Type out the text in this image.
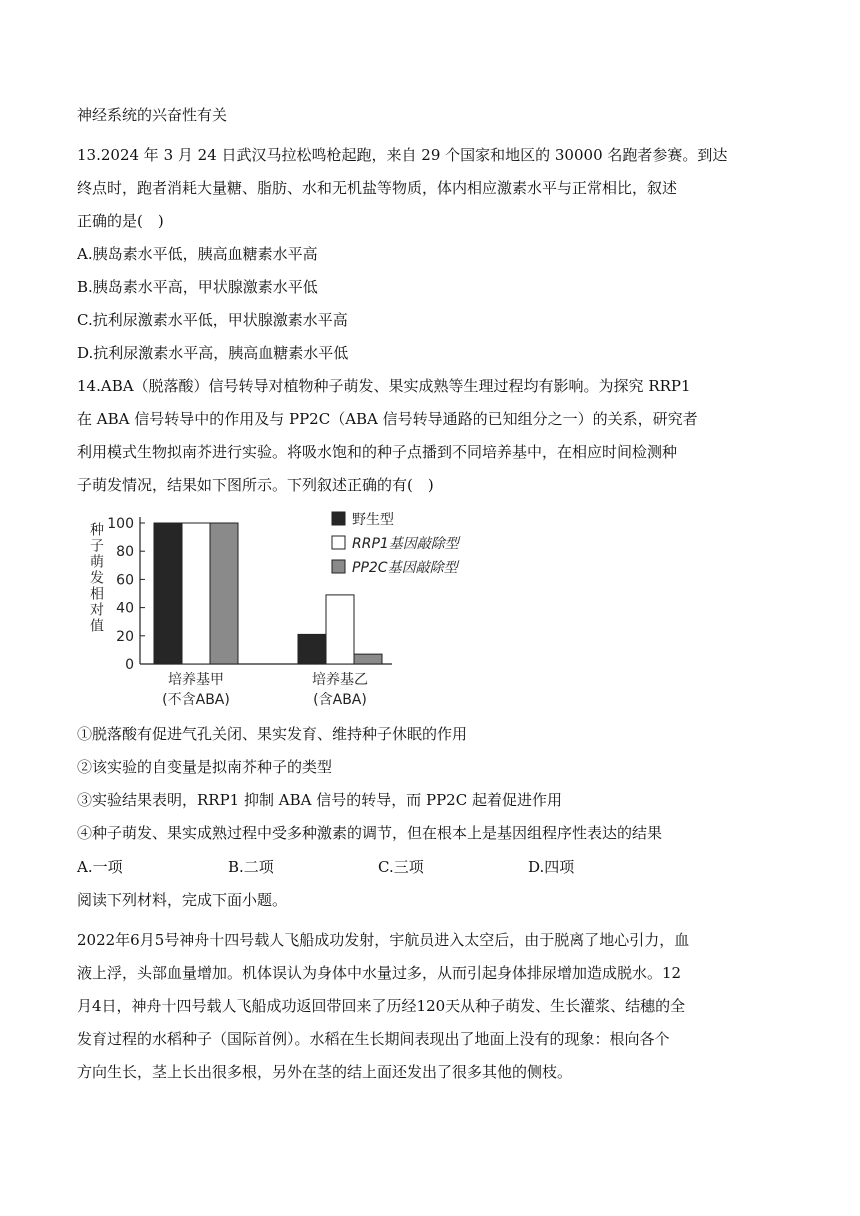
神经系统的兴奋性有关
13.2024 年 3 月 24 日武汉马拉松鸣枪起跑，来自 29 个国家和地区的 30000 名跑者参赛。到达
终点时，跑者消耗大量糖、脂肪、水和无机盐等物质，体内相应激素水平与正常相比，叙述
正确的是(　)
A.胰岛素水平低，胰高血糖素水平高
B.胰岛素水平高，甲状腺激素水平低
C.抗利尿激素水平低，甲状腺激素水平高
D.抗利尿激素水平高，胰高血糖素水平低
14.ABA（脱落酸）信号转导对植物种子萌发、果实成熟等生理过程均有影响。为探究 RRP1
在 ABA 信号转导中的作用及与 PP2C（ABA 信号转导通路的已知组分之一）的关系，研究者
利用模式生物拟南芥进行实验。将吸水饱和的种子点播到不同培养基中，在相应时间检测种
子萌发情况，结果如下图所示。下列叙述正确的有(　)
种子萌发相对值
0
20
40
60
80
100
培养基甲
(不含ABA)
培养基乙
(含ABA)
野生型
RRP1基因敲除型
PP2C基因敲除型
①脱落酸有促进气孔关闭、果实发育、维持种子休眠的作用
②该实验的自变量是拟南芥种子的类型
③实验结果表明，RRP1 抑制 ABA 信号的转导，而 PP2C 起着促进作用
④种子萌发、果实成熟过程中受多种激素的调节，但在根本上是基因组程序性表达的结果
A.一项	B.二项	C.三项	D.四项
阅读下列材料，完成下面小题。
2022年6月5号神舟十四号载人飞船成功发射，宇航员进入太空后，由于脱离了地心引力，血
液上浮，头部血量增加。机体误认为身体中水量过多，从而引起身体排尿增加造成脱水。12
月4日，神舟十四号载人飞船成功返回带回来了历经120天从种子萌发、生长灌浆、结穗的全
发育过程的水稻种子（国际首例）。水稻在生长期间表现出了地面上没有的现象：根向各个
方向生长，茎上长出很多根，另外在茎的结上面还发出了很多其他的侧枝。
